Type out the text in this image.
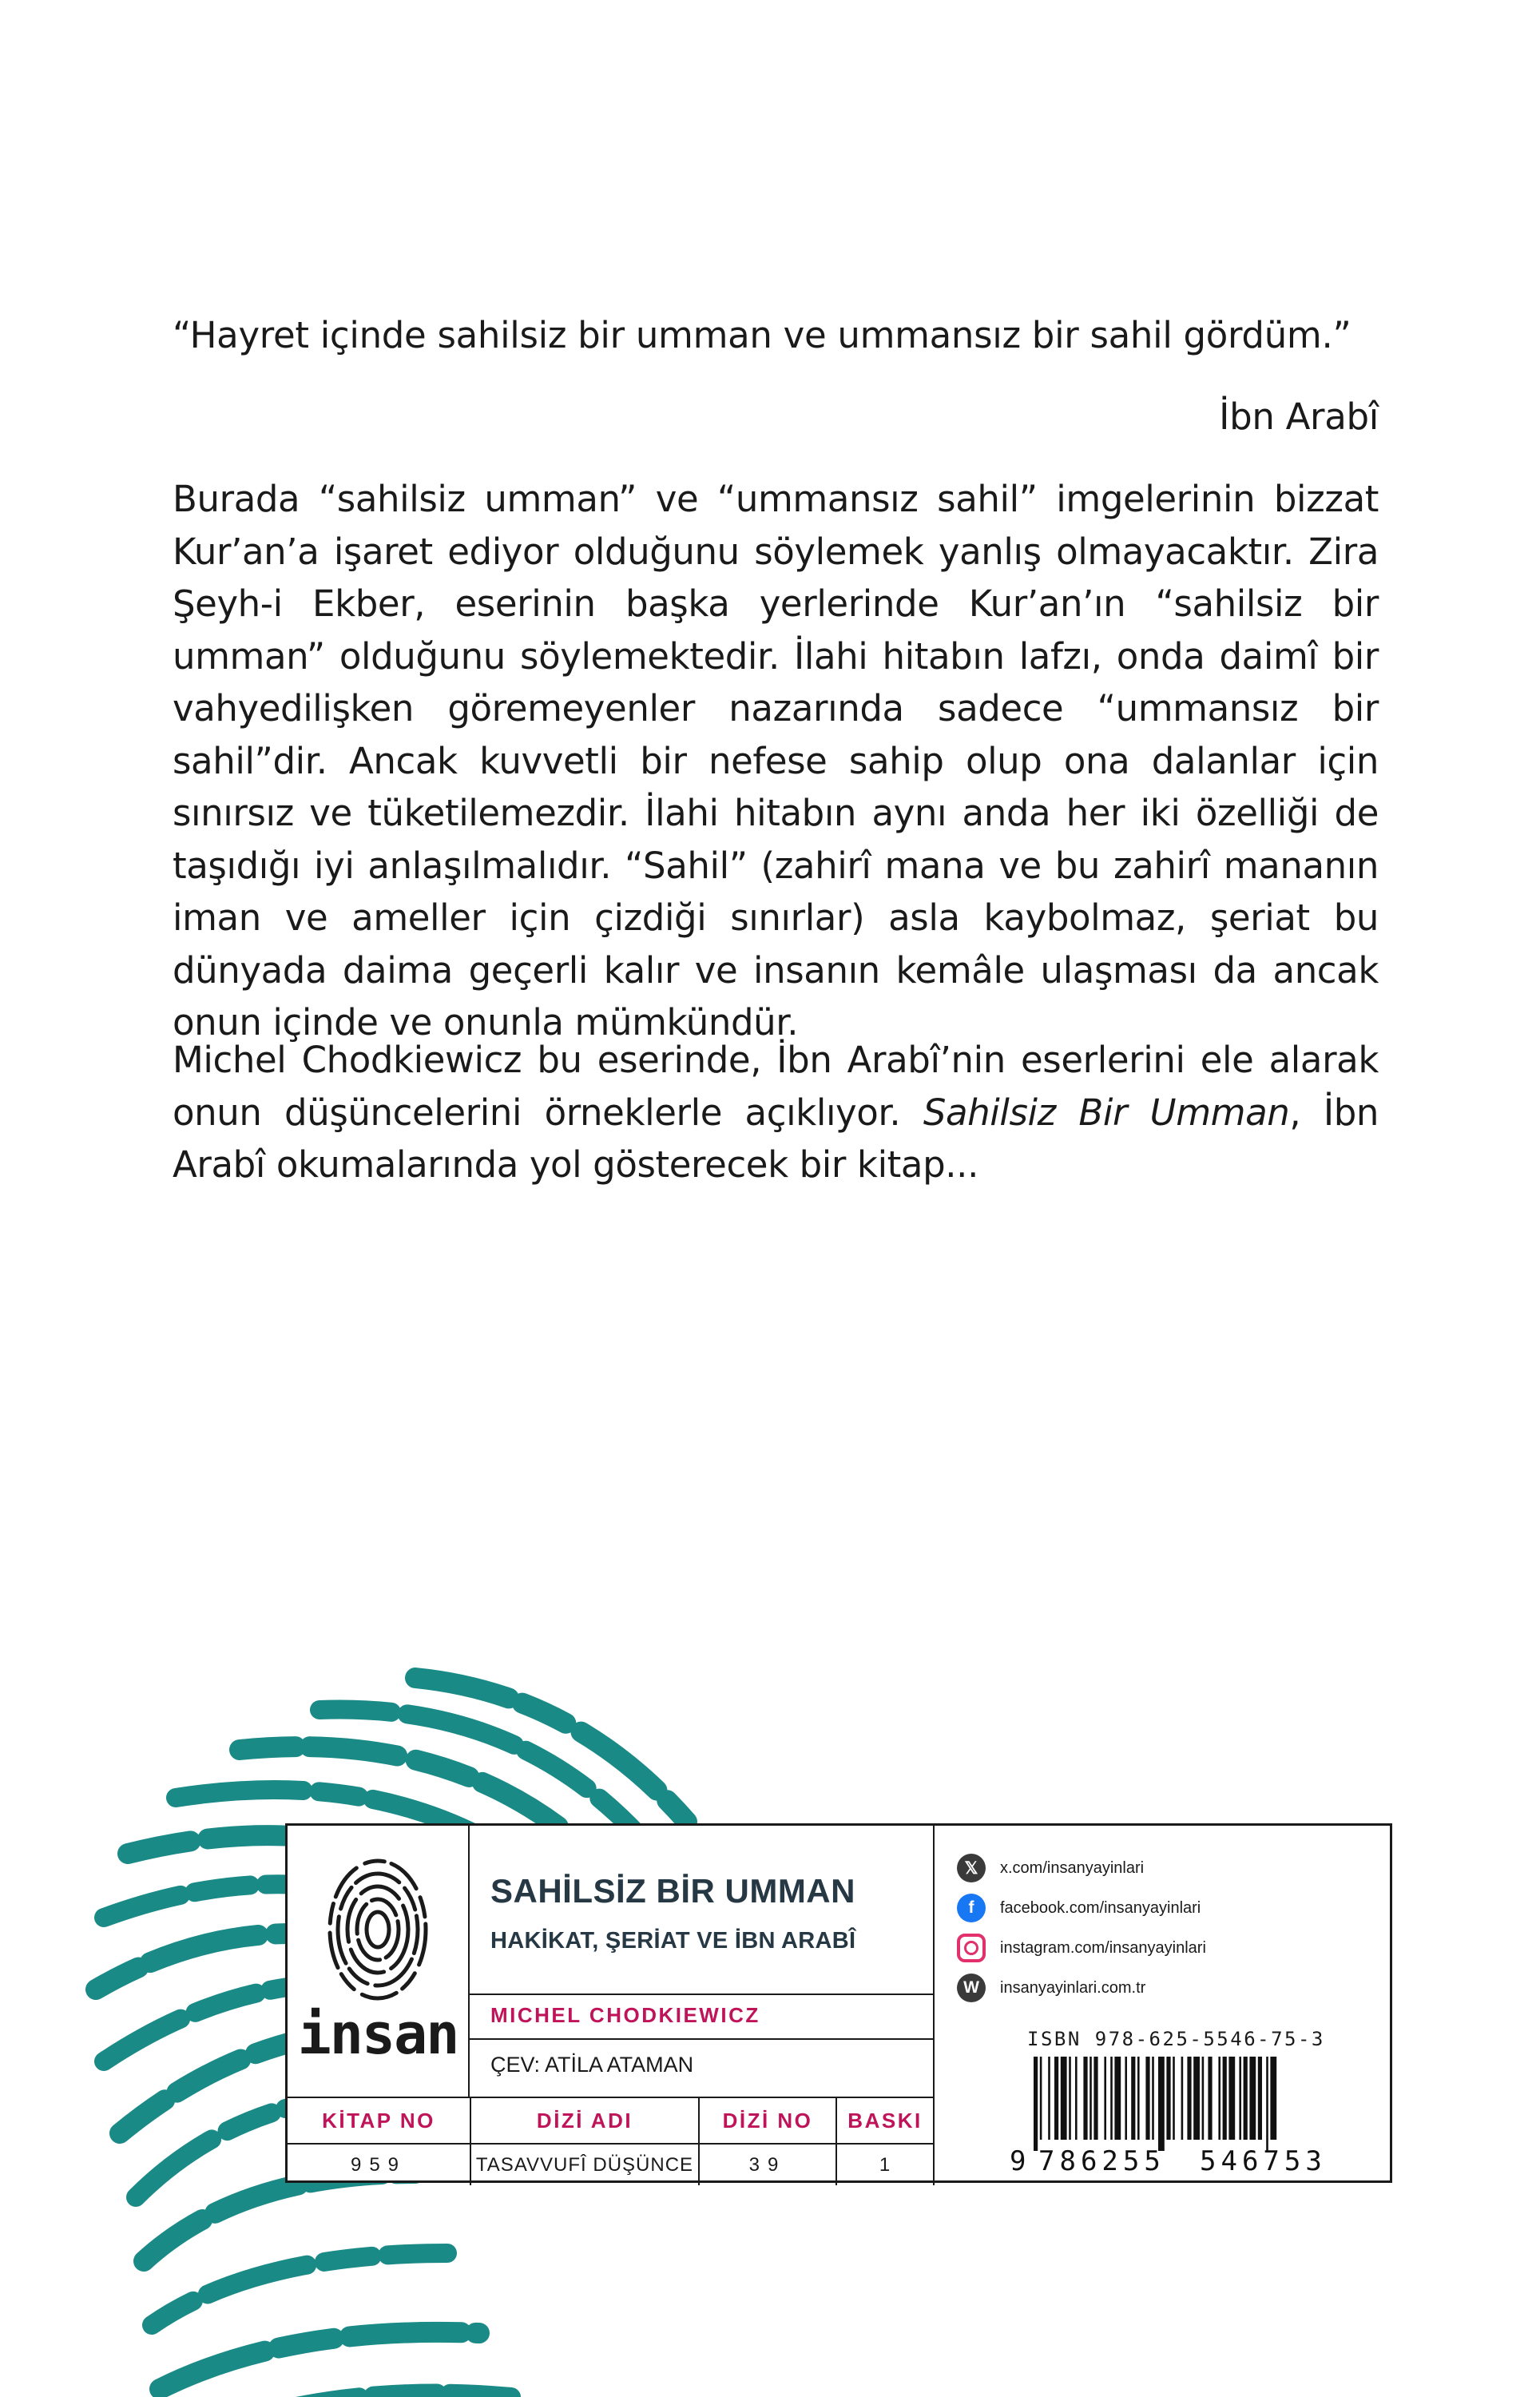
“Hayret içinde sahilsiz bir umman ve ummansız bir sahil gördüm.”
İbn Arabî

Burada “sahilsiz umman” ve “ummansız sahil” imgelerinin bizzat Kur’an’a işaret ediyor olduğunu söylemek yanlış olmayacaktır. Zira Şeyh-i Ekber, eserinin başka yerlerinde Kur’an’ın “sahilsiz bir umman” olduğunu söylemektedir. İlahi hitabın lafzı, onda daimî bir vahyedilişken göremeyenler nazarında sadece “ummansız bir sahil”dir. Ancak kuvvetli bir nefese sahip olup ona dalanlar için sınırsız ve tüketilemezdir. İlahi hitabın aynı anda her iki özelliği de taşıdığı iyi anlaşılmalıdır. “Sahil” (zahirî mana ve bu zahirî mananın iman ve ameller için çizdiği sınırlar) asla kaybolmaz, şeriat bu dünyada daima geçerli kalır ve insanın kemâle ulaşması da ancak onun içinde ve onunla mümkündür.

Michel Chodkiewicz bu eserinde, İbn Arabî’nin eserlerini ele alarak onun düşüncelerini örneklerle açıklıyor. Sahilsiz Bir Umman, İbn Arabî okumalarında yol gösterecek bir kitap...

insan
SAHİLSİZ BİR UMMAN
HAKİKAT, ŞERİAT VE İBN ARABÎ
MICHEL CHODKIEWICZ
ÇEV: ATİLA ATAMAN
KİTAP NO	DİZİ ADI	DİZİ NO	BASKI
959	TASAVVUFÎ DÜŞÜNCE	39	1
𝕏	x.com/insanyayinlari
f	facebook.com/insanyayinlari
instagram.com/insanyayinlari
W	insanyayinlari.com.tr
ISBN 978-625-5546-75-3
9 786255 546753
